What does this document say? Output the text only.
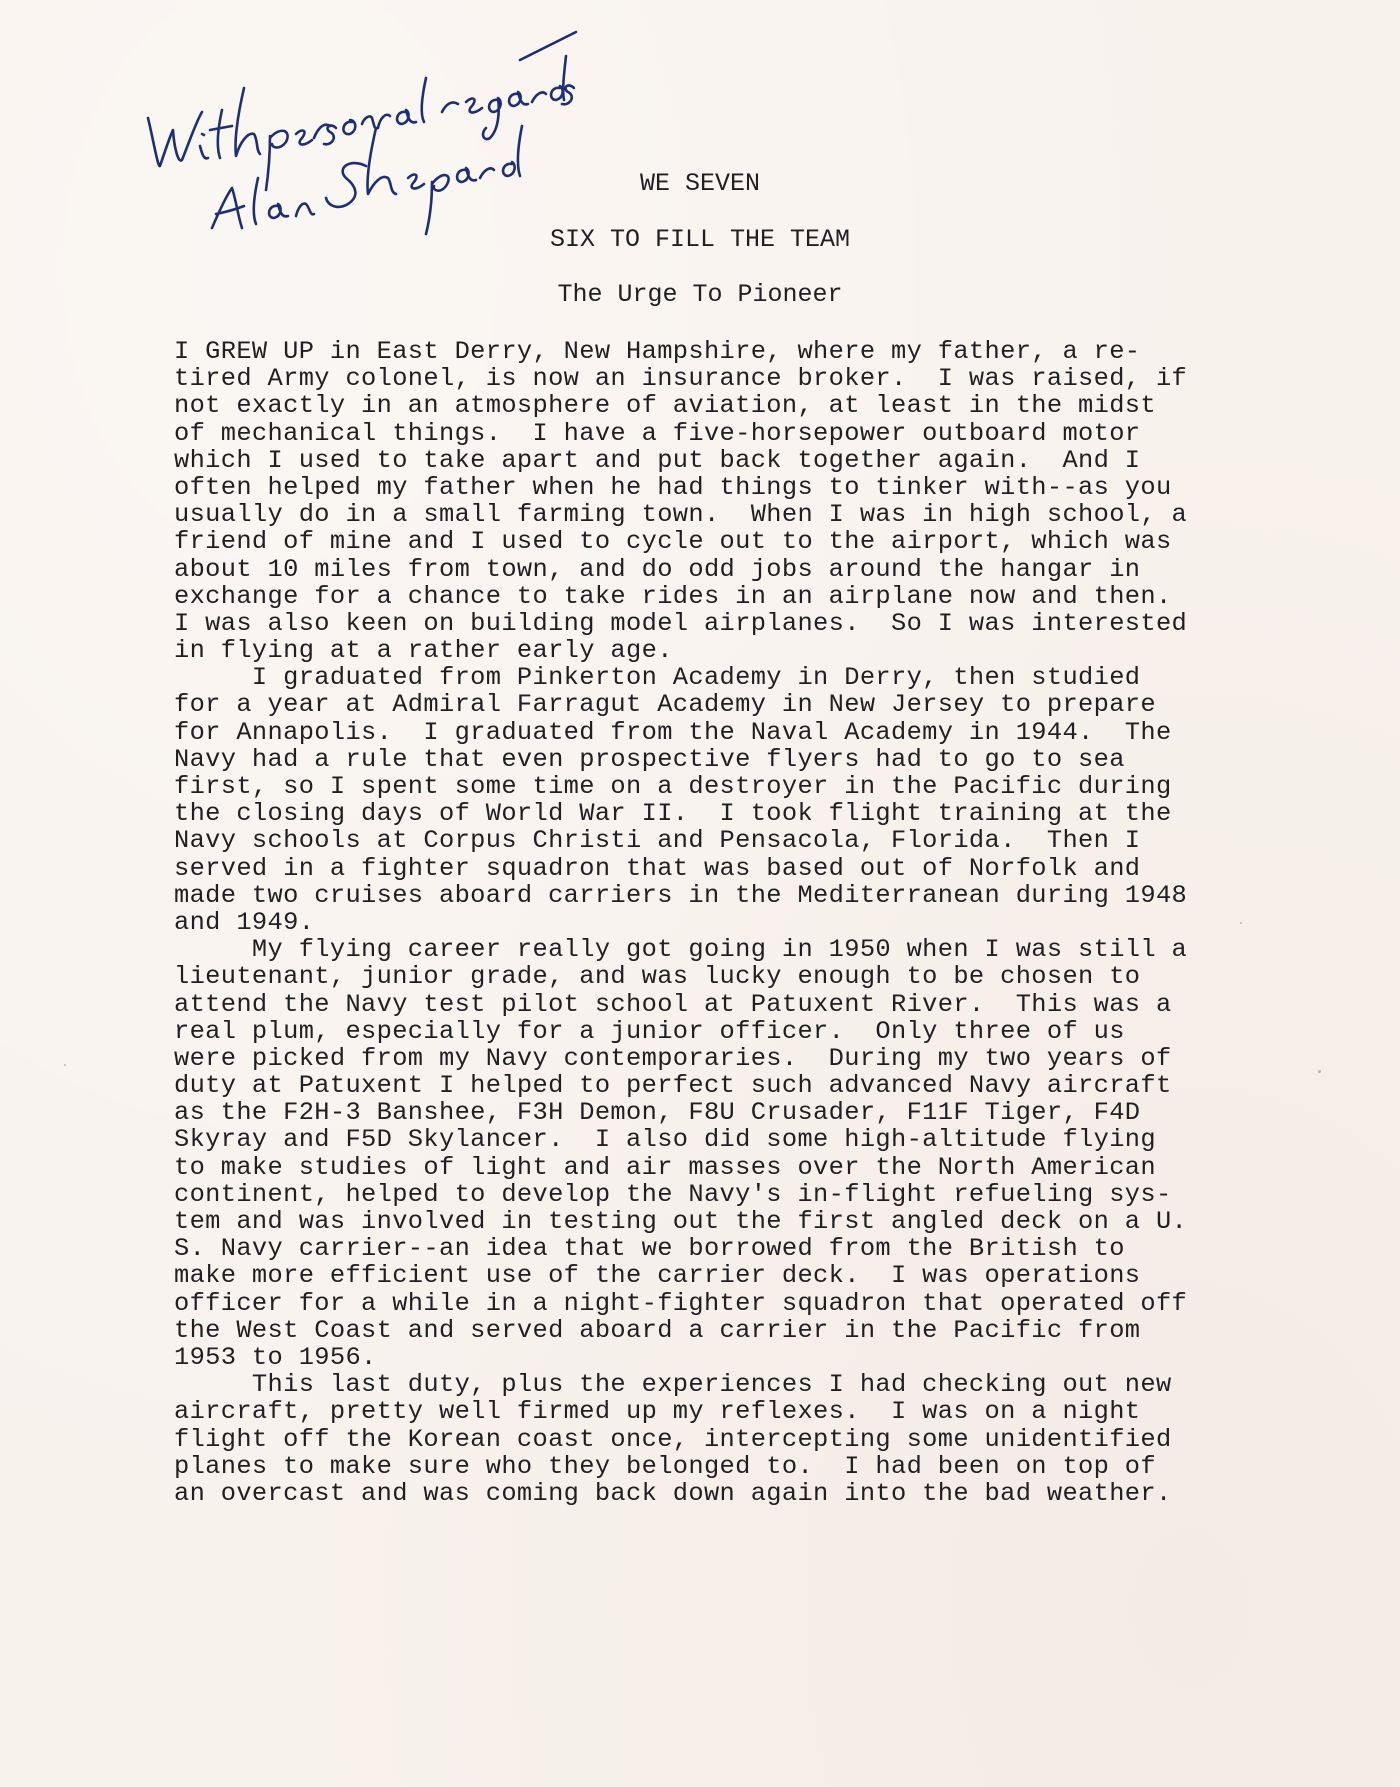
WE SEVEN
SIX TO FILL THE TEAM
The Urge To Pioneer
I GREW UP in East Derry, New Hampshire, where my father, a re-
tired Army colonel, is now an insurance broker.  I was raised, if
not exactly in an atmosphere of aviation, at least in the midst
of mechanical things.  I have a five-horsepower outboard motor
which I used to take apart and put back together again.  And I
often helped my father when he had things to tinker with--as you
usually do in a small farming town.  When I was in high school, a
friend of mine and I used to cycle out to the airport, which was
about 10 miles from town, and do odd jobs around the hangar in
exchange for a chance to take rides in an airplane now and then.
I was also keen on building model airplanes.  So I was interested
in flying at a rather early age.
I graduated from Pinkerton Academy in Derry, then studied
for a year at Admiral Farragut Academy in New Jersey to prepare
for Annapolis.  I graduated from the Naval Academy in 1944.  The
Navy had a rule that even prospective flyers had to go to sea
first, so I spent some time on a destroyer in the Pacific during
the closing days of World War II.  I took flight training at the
Navy schools at Corpus Christi and Pensacola, Florida.  Then I
served in a fighter squadron that was based out of Norfolk and
made two cruises aboard carriers in the Mediterranean during 1948
and 1949.
My flying career really got going in 1950 when I was still a
lieutenant, junior grade, and was lucky enough to be chosen to
attend the Navy test pilot school at Patuxent River.  This was a
real plum, especially for a junior officer.  Only three of us
were picked from my Navy contemporaries.  During my two years of
duty at Patuxent I helped to perfect such advanced Navy aircraft
as the F2H-3 Banshee, F3H Demon, F8U Crusader, F11F Tiger, F4D
Skyray and F5D Skylancer.  I also did some high-altitude flying
to make studies of light and air masses over the North American
continent, helped to develop the Navy's in-flight refueling sys-
tem and was involved in testing out the first angled deck on a U.
S. Navy carrier--an idea that we borrowed from the British to
make more efficient use of the carrier deck.  I was operations
officer for a while in a night-fighter squadron that operated off
the West Coast and served aboard a carrier in the Pacific from
1953 to 1956.
This last duty, plus the experiences I had checking out new
aircraft, pretty well firmed up my reflexes.  I was on a night
flight off the Korean coast once, intercepting some unidentified
planes to make sure who they belonged to.  I had been on top of
an overcast and was coming back down again into the bad weather.
